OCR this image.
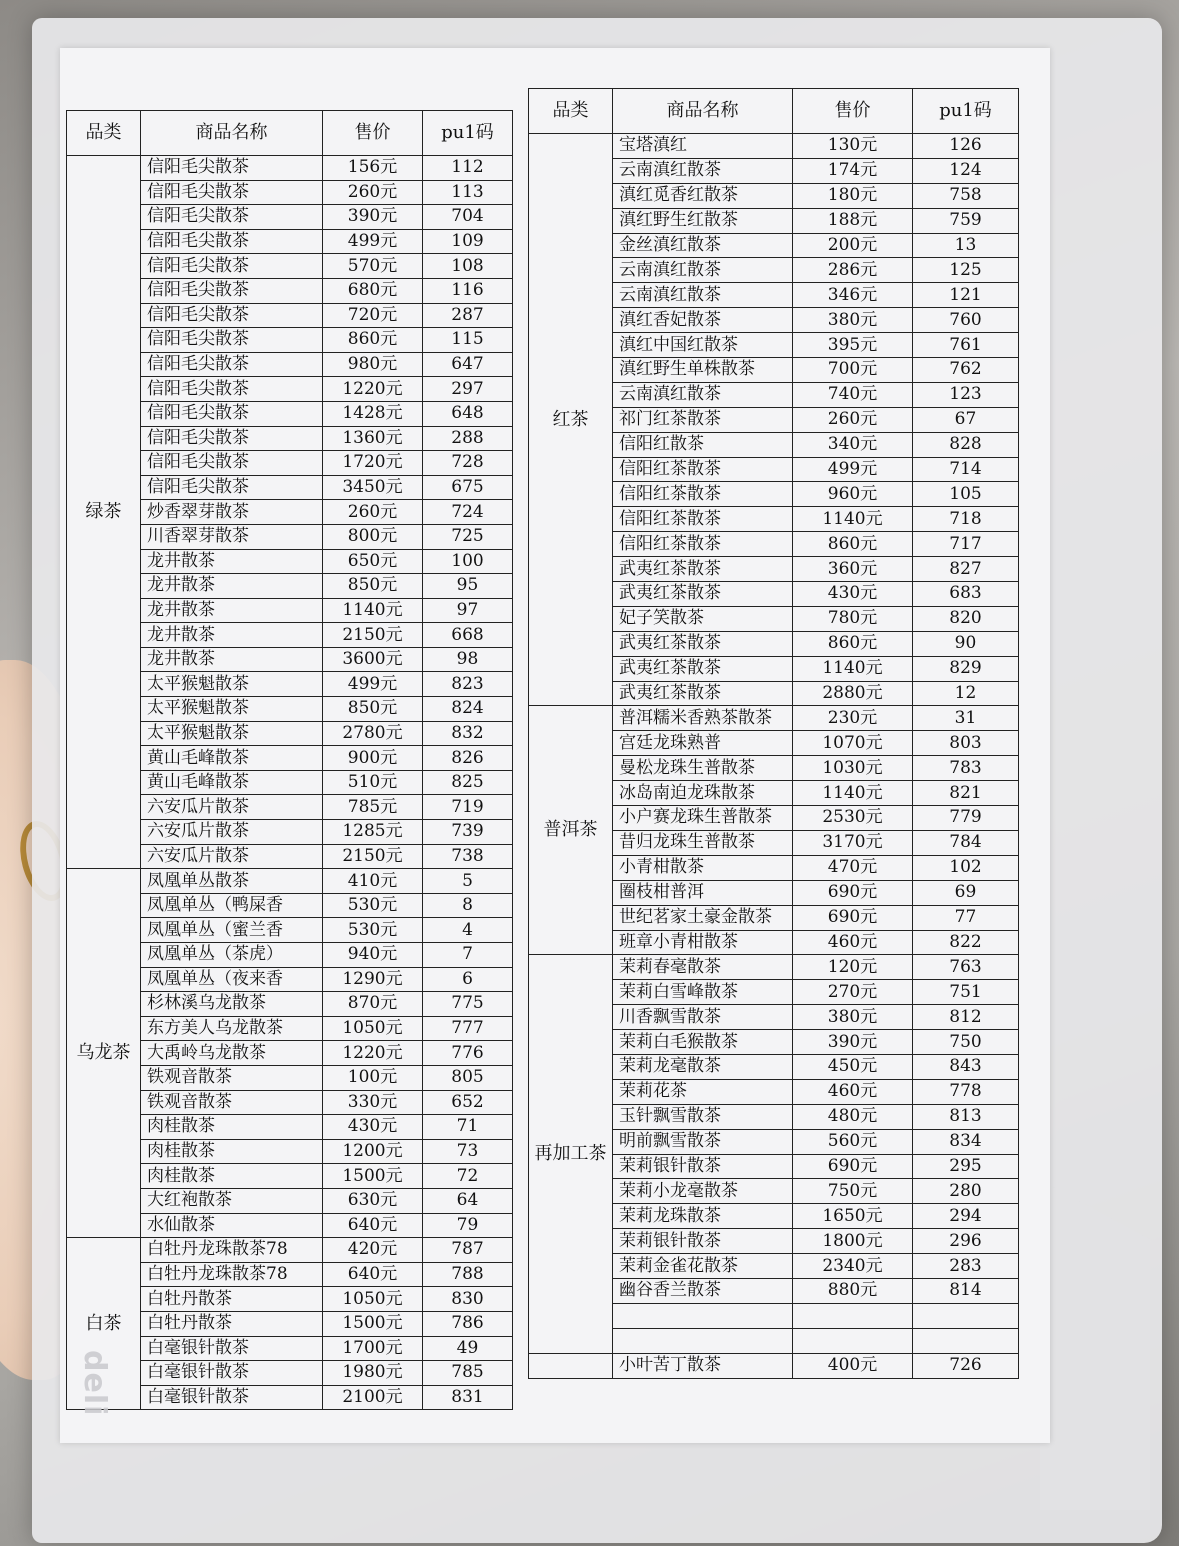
品类	商品名称	售价	pu1码
绿茶	信阳毛尖散茶	156元	112
	信阳毛尖散茶	260元	113
	信阳毛尖散茶	390元	704
	信阳毛尖散茶	499元	109
	信阳毛尖散茶	570元	108
	信阳毛尖散茶	680元	116
	信阳毛尖散茶	720元	287
	信阳毛尖散茶	860元	115
	信阳毛尖散茶	980元	647
	信阳毛尖散茶	1220元	297
	信阳毛尖散茶	1428元	648
	信阳毛尖散茶	1360元	288
	信阳毛尖散茶	1720元	728
	信阳毛尖散茶	3450元	675
	炒香翠芽散茶	260元	724
	川香翠芽散茶	800元	725
	龙井散茶	650元	100
	龙井散茶	850元	95
	龙井散茶	1140元	97
	龙井散茶	2150元	668
	龙井散茶	3600元	98
	太平猴魁散茶	499元	823
	太平猴魁散茶	850元	824
	太平猴魁散茶	2780元	832
	黄山毛峰散茶	900元	826
	黄山毛峰散茶	510元	825
	六安瓜片散茶	785元	719
	六安瓜片散茶	1285元	739
	六安瓜片散茶	2150元	738
乌龙茶	凤凰单丛散茶	410元	5
	凤凰单丛（鸭屎香	530元	8
	凤凰单丛（蜜兰香	530元	4
	凤凰单丛（茶虎）	940元	7
	凤凰单丛（夜来香	1290元	6
	杉林溪乌龙散茶	870元	775
	东方美人乌龙散茶	1050元	777
	大禹岭乌龙散茶	1220元	776
	铁观音散茶	100元	805
	铁观音散茶	330元	652
	肉桂散茶	430元	71
	肉桂散茶	1200元	73
	肉桂散茶	1500元	72
	大红袍散茶	630元	64
	水仙散茶	640元	79
白茶	白牡丹龙珠散茶78	420元	787
	白牡丹龙珠散茶78	640元	788
	白牡丹散茶	1050元	830
	白牡丹散茶	1500元	786
	白毫银针散茶	1700元	49
	白毫银针散茶	1980元	785
	白毫银针散茶	2100元	831
品类	商品名称	售价	pu1码
红茶	宝塔滇红	130元	126
	云南滇红散茶	174元	124
	滇红觅香红散茶	180元	758
	滇红野生红散茶	188元	759
	金丝滇红散茶	200元	13
	云南滇红散茶	286元	125
	云南滇红散茶	346元	121
	滇红香妃散茶	380元	760
	滇红中国红散茶	395元	761
	滇红野生单株散茶	700元	762
	云南滇红散茶	740元	123
	祁门红茶散茶	260元	67
	信阳红散茶	340元	828
	信阳红茶散茶	499元	714
	信阳红茶散茶	960元	105
	信阳红茶散茶	1140元	718
	信阳红茶散茶	860元	717
	武夷红茶散茶	360元	827
	武夷红茶散茶	430元	683
	妃子笑散茶	780元	820
	武夷红茶散茶	860元	90
	武夷红茶散茶	1140元	829
	武夷红茶散茶	2880元	12
普洱茶	普洱糯米香熟茶散茶	230元	31
	宫廷龙珠熟普	1070元	803
	曼松龙珠生普散茶	1030元	783
	冰岛南迫龙珠散茶	1140元	821
	小户赛龙珠生普散茶	2530元	779
	昔归龙珠生普散茶	3170元	784
	小青柑散茶	470元	102
	圈枝柑普洱	690元	69
	世纪茗家土豪金散茶	690元	77
	班章小青柑散茶	460元	822
再加工茶	茉莉春毫散茶	120元	763
	茉莉白雪峰散茶	270元	751
	川香飘雪散茶	380元	812
	茉莉白毛猴散茶	390元	750
	茉莉龙毫散茶	450元	843
	茉莉花茶	460元	778
	玉针飘雪散茶	480元	813
	明前飘雪散茶	560元	834
	茉莉银针散茶	690元	295
	茉莉小龙毫散茶	750元	280
	茉莉龙珠散茶	1650元	294
	茉莉银针散茶	1800元	296
	茉莉金雀花散茶	2340元	283
	幽谷香兰散茶	880元	814

	小叶苦丁散茶	400元	726
deli
